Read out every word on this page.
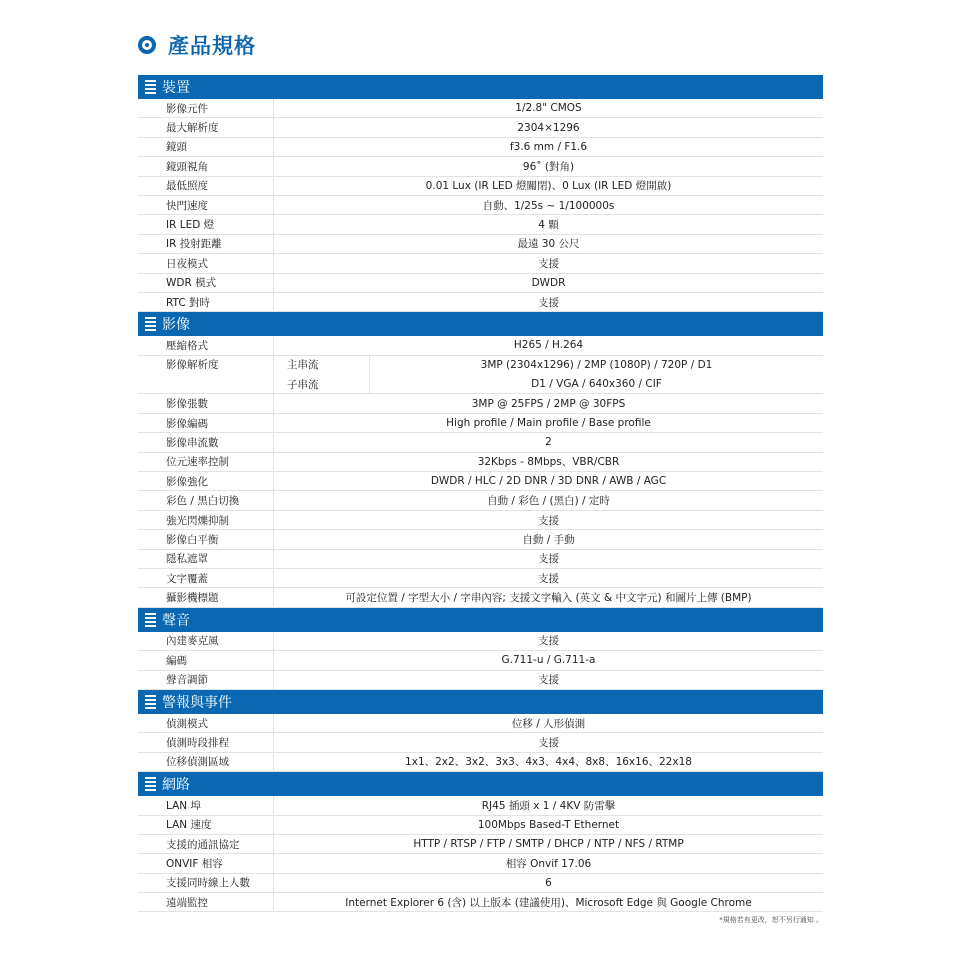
產品規格
裝置
影像元件	1/2.8" CMOS
最大解析度	2304×1296
鏡頭	f3.6 mm / F1.6
鏡頭視角	96˚ (對角)
最低照度	0.01 Lux (IR LED 燈關閉)、0 Lux (IR LED 燈開啟)
快門速度	自動、1/25s ~ 1/100000s
IR LED 燈	4 顆
IR 投射距離	最遠 30 公尺
日夜模式	支援
WDR 模式	DWDR
RTC 對時	支援
影像
壓縮格式	H265 / H.264
影像解析度	主串流	3MP (2304x1296) / 2MP (1080P) / 720P / D1
子串流	D1 / VGA / 640x360 / CIF
影像張數	3MP @ 25FPS / 2MP @ 30FPS
影像編碼	High profile / Main profile / Base profile
影像串流數	2
位元速率控制	32Kbps - 8Mbps、VBR/CBR
影像強化	DWDR / HLC / 2D DNR / 3D DNR / AWB / AGC
彩色 / 黑白切換	自動 / 彩色 / (黑白) / 定時
強光閃爍抑制	支援
影像白平衡	自動 / 手動
隱私遮罩	支援
文字覆蓋	支援
攝影機標題	可設定位置 / 字型大小 / 字串內容; 支援文字輸入 (英文 & 中文字元) 和圖片上傳 (BMP)
聲音
內建麥克風	支援
編碼	G.711-u / G.711-a
聲音調節	支援
警報與事件
偵測模式	位移 / 人形偵測
偵測時段排程	支援
位移偵測區域	1x1、2x2、3x2、3x3、4x3、4x4、8x8、16x16、22x18
網路
LAN 埠	RJ45 插頭 x 1 / 4KV 防雷擊
LAN 速度	100Mbps Based-T Ethernet
支援的通訊協定	HTTP / RTSP / FTP / SMTP / DHCP / NTP / NFS / RTMP
ONVIF 相容	相容 Onvif 17.06
支援同時線上人數	6
遠端監控	Internet Explorer 6 (含) 以上版本 (建議使用)、Microsoft Edge 與 Google Chrome
*規格若有更改，恕不另行通知 。
